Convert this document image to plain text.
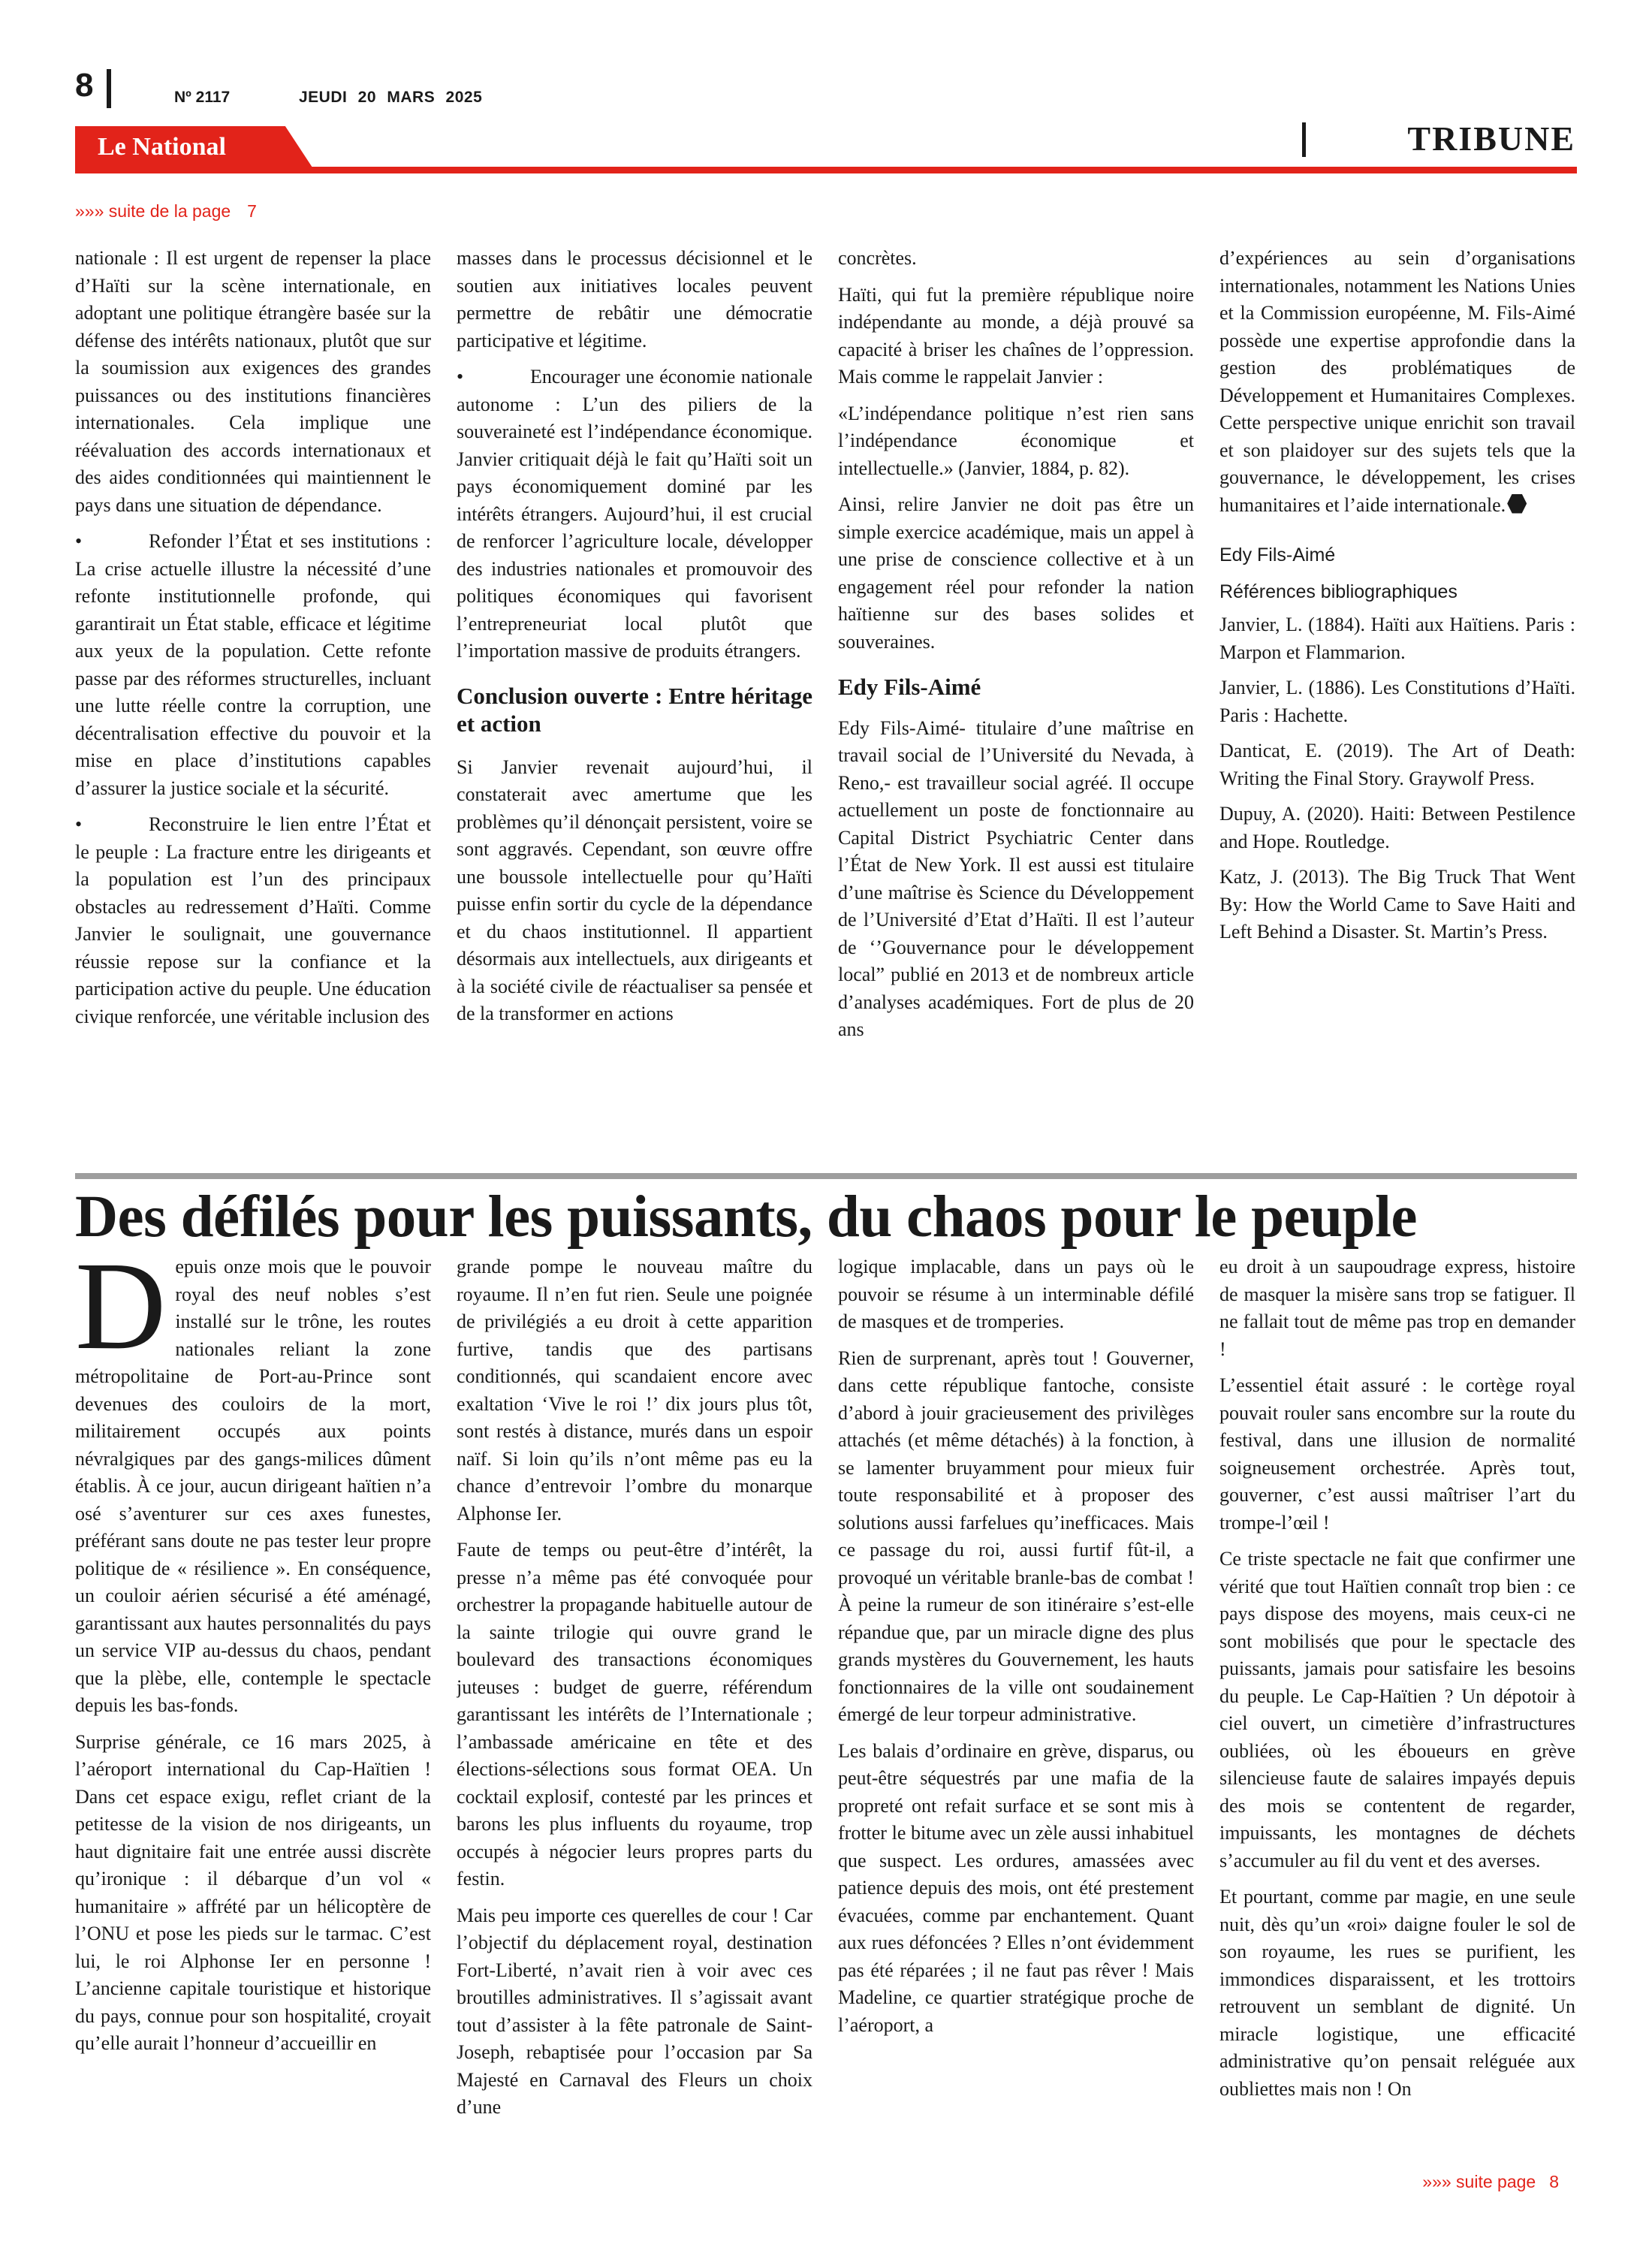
8	Nº 2117	JEUDI 20 MARS 2025
Le National	TRIBUNE
»»» suite de la page 7

nationale : Il est urgent de repenser la place d’Haïti sur la scène internationale, en adoptant une politique étrangère basée sur la défense des intérêts nationaux, plutôt que sur la soumission aux exigences des grandes puissances ou des institutions financières internationales. Cela implique une réévaluation des accords internationaux et des aides conditionnées qui maintiennent le pays dans une situation de dépendance.

•	Refonder l’État et ses institutions : La crise actuelle illustre la nécessité d’une refonte institutionnelle profonde, qui garantirait un État stable, efficace et légitime aux yeux de la population. Cette refonte passe par des réformes structurelles, incluant une lutte réelle contre la corruption, une décentralisation effective du pouvoir et la mise en place d’institutions capables d’assurer la justice sociale et la sécurité.

•	Reconstruire le lien entre l’État et le peuple : La fracture entre les dirigeants et la population est l’un des principaux obstacles au redressement d’Haïti. Comme Janvier le soulignait, une gouvernance réussie repose sur la confiance et la participation active du peuple. Une éducation civique renforcée, une véritable inclusion des

masses dans le processus décisionnel et le soutien aux initiatives locales peuvent permettre de rebâtir une démocratie participative et légitime.

•	Encourager une économie nationale autonome : L’un des piliers de la souveraineté est l’indépendance économique. Janvier critiquait déjà le fait qu’Haïti soit un pays économiquement dominé par les intérêts étrangers. Aujourd’hui, il est crucial de renforcer l’agriculture locale, développer des industries nationales et promouvoir des politiques économiques qui favorisent l’entrepreneuriat local plutôt que l’importation massive de produits étrangers.

Conclusion ouverte : Entre héritage et action

Si Janvier revenait aujourd’hui, il constaterait avec amertume que les problèmes qu’il dénonçait persistent, voire se sont aggravés. Cependant, son œuvre offre une boussole intellectuelle pour qu’Haïti puisse enfin sortir du cycle de la dépendance et du chaos institutionnel. Il appartient désormais aux intellectuels, aux dirigeants et à la société civile de réactualiser sa pensée et de la transformer en actions

concrètes.

Haïti, qui fut la première république noire indépendante au monde, a déjà prouvé sa capacité à briser les chaînes de l’oppression. Mais comme le rappelait Janvier :

«L’indépendance politique n’est rien sans l’indépendance économique et intellectuelle.» (Janvier, 1884, p. 82).

Ainsi, relire Janvier ne doit pas être un simple exercice académique, mais un appel à une prise de conscience collective et à un engagement réel pour refonder la nation haïtienne sur des bases solides et souveraines.

Edy Fils-Aimé

Edy Fils-Aimé- titulaire d’une maîtrise en travail social de l’Université du Nevada, à Reno,- est travailleur social agréé. Il occupe actuellement un poste de fonctionnaire au Capital District Psychiatric Center dans l’État de New York. Il est aussi est titulaire d’une maîtrise ès Science du Développement de l’Université d’Etat d’Haïti. Il est l’auteur de ‘’Gouvernance pour le développement local” publié en 2013 et de nombreux article d’analyses académiques. Fort de plus de 20 ans

d’expériences au sein d’organisations internationales, notamment les Nations Unies et la Commission européenne, M. Fils-Aimé possède une expertise approfondie dans la gestion des problématiques de Développement et Humanitaires Complexes. Cette perspective unique enrichit son travail et son plaidoyer sur des sujets tels que la gouvernance, le développement, les crises humanitaires et l’aide internationale.

Edy Fils-Aimé

Références bibliographiques

Janvier, L. (1884). Haïti aux Haïtiens. Paris : Marpon et Flammarion.

Janvier, L. (1886). Les Constitutions d’Haïti. Paris : Hachette.

Danticat, E. (2019). The Art of Death: Writing the Final Story. Graywolf Press.

Dupuy, A. (2020). Haiti: Between Pestilence and Hope. Routledge.

Katz, J. (2013). The Big Truck That Went By: How the World Came to Save Haiti and Left Behind a Disaster. St. Martin’s Press.

Des défilés pour les puissants, du chaos pour le peuple

Depuis onze mois que le pouvoir royal des neuf nobles s’est installé sur le trône, les routes nationales reliant la zone métropolitaine de Port-au-Prince sont devenues des couloirs de la mort, militairement occupés aux points névralgiques par des gangs-milices dûment établis. À ce jour, aucun dirigeant haïtien n’a osé s’aventurer sur ces axes funestes, préférant sans doute ne pas tester leur propre politique de « résilience ». En conséquence, un couloir aérien sécurisé a été aménagé, garantissant aux hautes personnalités du pays un service VIP au-dessus du chaos, pendant que la plèbe, elle, contemple le spectacle depuis les bas-fonds.

Surprise générale, ce 16 mars 2025, à l’aéroport international du Cap-Haïtien ! Dans cet espace exigu, reflet criant de la petitesse de la vision de nos dirigeants, un haut dignitaire fait une entrée aussi discrète qu’ironique : il débarque d’un vol « humanitaire » affrété par un hélicoptère de l’ONU et pose les pieds sur le tarmac. C’est lui, le roi Alphonse Ier en personne ! L’ancienne capitale touristique et historique du pays, connue pour son hospitalité, croyait qu’elle aurait l’honneur d’accueillir en

grande pompe le nouveau maître du royaume. Il n’en fut rien. Seule une poignée de privilégiés a eu droit à cette apparition furtive, tandis que des partisans conditionnés, qui scandaient encore avec exaltation ‘Vive le roi !’ dix jours plus tôt, sont restés à distance, murés dans un espoir naïf. Si loin qu’ils n’ont même pas eu la chance d’entrevoir l’ombre du monarque Alphonse Ier.

Faute de temps ou peut-être d’intérêt, la presse n’a même pas été convoquée pour orchestrer la propagande habituelle autour de la sainte trilogie qui ouvre grand le boulevard des transactions économiques juteuses : budget de guerre, référendum garantissant les intérêts de l’Internationale ; l’ambassade américaine en tête et des élections-sélections sous format OEA. Un cocktail explosif, contesté par les princes et barons les plus influents du royaume, trop occupés à négocier leurs propres parts du festin.

Mais peu importe ces querelles de cour ! Car l’objectif du déplacement royal, destination Fort-Liberté, n’avait rien à voir avec ces broutilles administratives. Il s’agissait avant tout d’assister à la fête patronale de Saint-Joseph, rebaptisée pour l’occasion par Sa Majesté en Carnaval des Fleurs un choix d’une

logique implacable, dans un pays où le pouvoir se résume à un interminable défilé de masques et de tromperies.

Rien de surprenant, après tout ! Gouverner, dans cette république fantoche, consiste d’abord à jouir gracieusement des privilèges attachés (et même détachés) à la fonction, à se lamenter bruyamment pour mieux fuir toute responsabilité et à proposer des solutions aussi farfelues qu’inefficaces. Mais ce passage du roi, aussi furtif fût-il, a provoqué un véritable branle-bas de combat ! À peine la rumeur de son itinéraire s’est-elle répandue que, par un miracle digne des plus grands mystères du Gouvernement, les hauts fonctionnaires de la ville ont soudainement émergé de leur torpeur administrative.

Les balais d’ordinaire en grève, disparus, ou peut-être séquestrés par une mafia de la propreté ont refait surface et se sont mis à frotter le bitume avec un zèle aussi inhabituel que suspect. Les ordures, amassées avec patience depuis des mois, ont été prestement évacuées, comme par enchantement. Quant aux rues défoncées ? Elles n’ont évidemment pas été réparées ; il ne faut pas rêver ! Mais Madeline, ce quartier stratégique proche de l’aéroport, a

eu droit à un saupoudrage express, histoire de masquer la misère sans trop se fatiguer. Il ne fallait tout de même pas trop en demander !

L’essentiel était assuré : le cortège royal pouvait rouler sans encombre sur la route du festival, dans une illusion de normalité soigneusement orchestrée. Après tout, gouverner, c’est aussi maîtriser l’art du trompe-l’œil !

Ce triste spectacle ne fait que confirmer une vérité que tout Haïtien connaît trop bien : ce pays dispose des moyens, mais ceux-ci ne sont mobilisés que pour le spectacle des puissants, jamais pour satisfaire les besoins du peuple. Le Cap-Haïtien ? Un dépotoir à ciel ouvert, un cimetière d’infrastructures oubliées, où les éboueurs en grève silencieuse faute de salaires impayés depuis des mois se contentent de regarder, impuissants, les montagnes de déchets s’accumuler au fil du vent et des averses.

Et pourtant, comme par magie, en une seule nuit, dès qu’un «roi» daigne fouler le sol de son royaume, les rues se purifient, les immondices disparaissent, et les trottoirs retrouvent un semblant de dignité. Un miracle logistique, une efficacité administrative qu’on pensait reléguée aux oubliettes mais non ! On

»»» suite page 8
